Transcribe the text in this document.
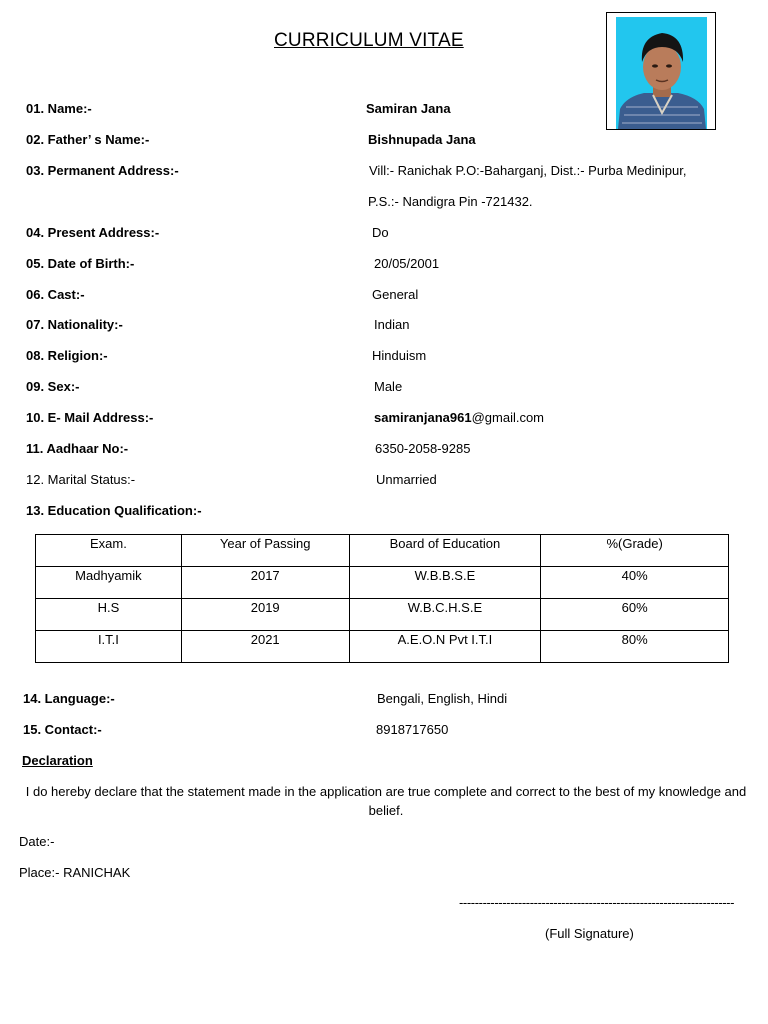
CURRICULUM VITAE
01. Name:-	Samiran Jana
02. Father’ s Name:-	Bishnupada Jana
03. Permanent Address:-	Vill:- Ranichak P.O:-Baharganj, Dist.:- Purba Medinipur,
P.S.:- Nandigra Pin -721432.
04. Present Address:-	Do
05. Date of Birth:-	20/05/2001
06. Cast:-	General
07. Nationality:-	Indian
08. Religion:-	Hinduism
09. Sex:-	Male
10. E- Mail Address:-	samiranjana961@gmail.com
11. Aadhaar No:-	6350-2058-9285
12. Marital Status:-	Unmarried
13. Education Qualification:-
Exam.	Year of Passing	Board of Education	%(Grade)
Madhyamik	2017	W.B.B.S.E	40%
H.S	2019	W.B.C.H.S.E	60%
I.T.I	2021	A.E.O.N Pvt I.T.I	80%
14. Language:-	Bengali, English, Hindi
15. Contact:-	8918717650
Declaration
I do hereby declare that the statement made in the application are true complete and correct to the best of my knowledge and belief.
Date:-
Place:- RANICHAK
----------------------------------------------------------------------
(Full Signature)
